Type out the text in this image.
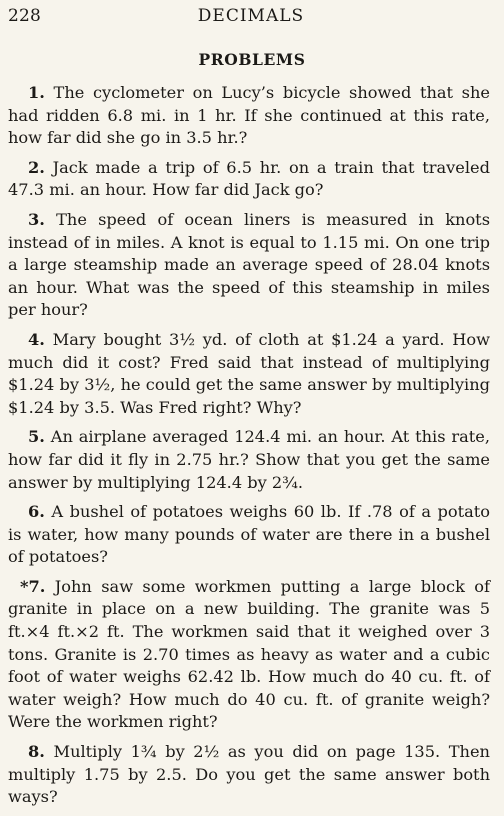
228	DECIMALS
PROBLEMS

1. The cyclometer on Lucy’s bicycle showed that she had ridden 6.8 mi. in 1 hr. If she continued at this rate, how far did she go in 3.5 hr.?

2. Jack made a trip of 6.5 hr. on a train that traveled 47.3 mi. an hour. How far did Jack go?

3. The speed of ocean liners is measured in knots instead of in miles. A knot is equal to 1.15 mi. On one trip a large steamship made an average speed of 28.04 knots an hour. What was the speed of this steamship in miles per hour?

4. Mary bought 3½ yd. of cloth at $1.24 a yard. How much did it cost? Fred said that instead of multiplying $1.24 by 3½, he could get the same answer by multiplying $1.24 by 3.5. Was Fred right? Why?

5. An airplane averaged 124.4 mi. an hour. At this rate, how far did it fly in 2.75 hr.? Show that you get the same answer by multiplying 124.4 by 2¾.

6. A bushel of potatoes weighs 60 lb. If .78 of a potato is water, how many pounds of water are there in a bushel of potatoes?

*7. John saw some workmen putting a large block of granite in place on a new building. The granite was 5 ft.×4 ft.×2 ft. The workmen said that it weighed over 3 tons. Granite is 2.70 times as heavy as water and a cubic foot of water weighs 62.42 lb. How much do 40 cu. ft. of water weigh? How much do 40 cu. ft. of granite weigh? Were the workmen right?

8. Multiply 1¾ by 2½ as you did on page 135. Then multiply 1.75 by 2.5. Do you get the same answer both ways?
